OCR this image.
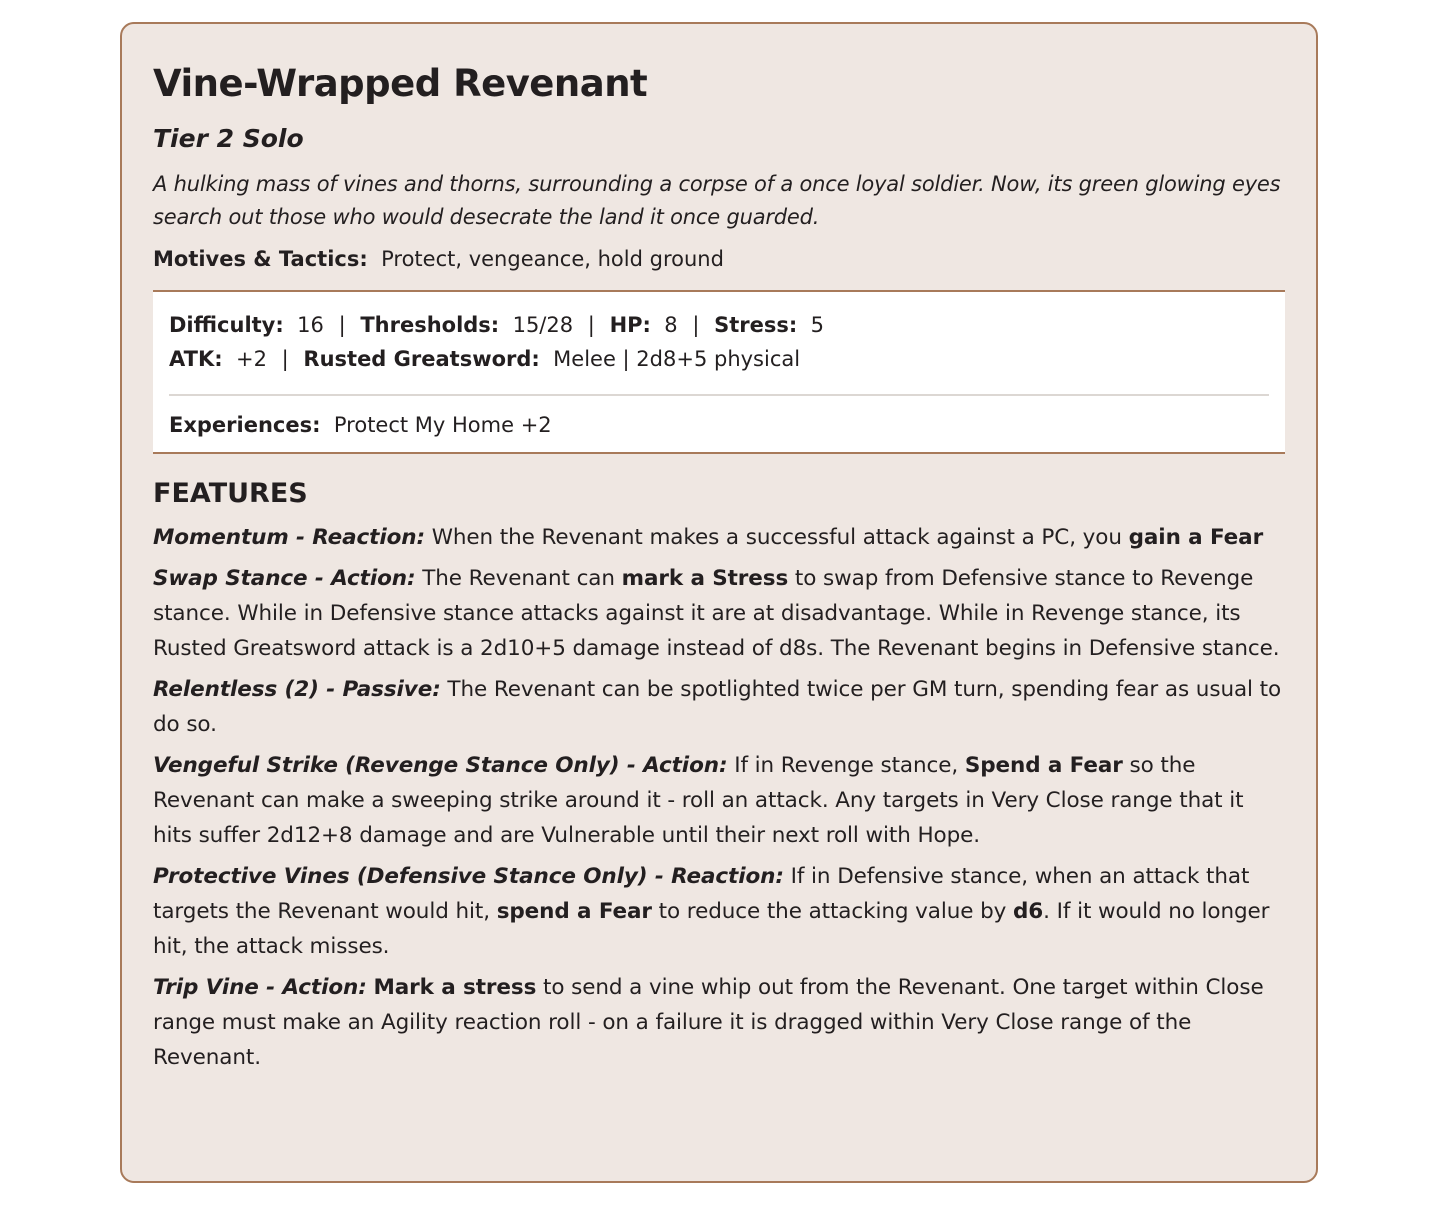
Vine-Wrapped Revenant
Tier 2 Solo
A hulking mass of vines and thorns, surrounding a corpse of a once loyal soldier. Now, its green glowing eyes search out those who would desecrate the land it once guarded.
Motives & Tactics: Protect, vengeance, hold ground
Difficulty: 16 | Thresholds: 15/28 | HP: 8 | Stress: 5
ATK: +2 | Rusted Greatsword: Melee | 2d8+5 physical
Experiences: Protect My Home +2
FEATURES
Momentum - Reaction: When the Revenant makes a successful attack against a PC, you gain a Fear
Swap Stance - Action: The Revenant can mark a Stress to swap from Defensive stance to Revenge stance. While in Defensive stance attacks against it are at disadvantage. While in Revenge stance, its Rusted Greatsword attack is a 2d10+5 damage instead of d8s. The Revenant begins in Defensive stance.
Relentless (2) - Passive: The Revenant can be spotlighted twice per GM turn, spending fear as usual to do so.
Vengeful Strike (Revenge Stance Only) - Action: If in Revenge stance, Spend a Fear so the Revenant can make a sweeping strike around it - roll an attack. Any targets in Very Close range that it hits suffer 2d12+8 damage and are Vulnerable until their next roll with Hope.
Protective Vines (Defensive Stance Only) - Reaction: If in Defensive stance, when an attack that targets the Revenant would hit, spend a Fear to reduce the attacking value by d6. If it would no longer hit, the attack misses.
Trip Vine - Action: Mark a stress to send a vine whip out from the Revenant. One target within Close range must make an Agility reaction roll - on a failure it is dragged within Very Close range of the Revenant.
